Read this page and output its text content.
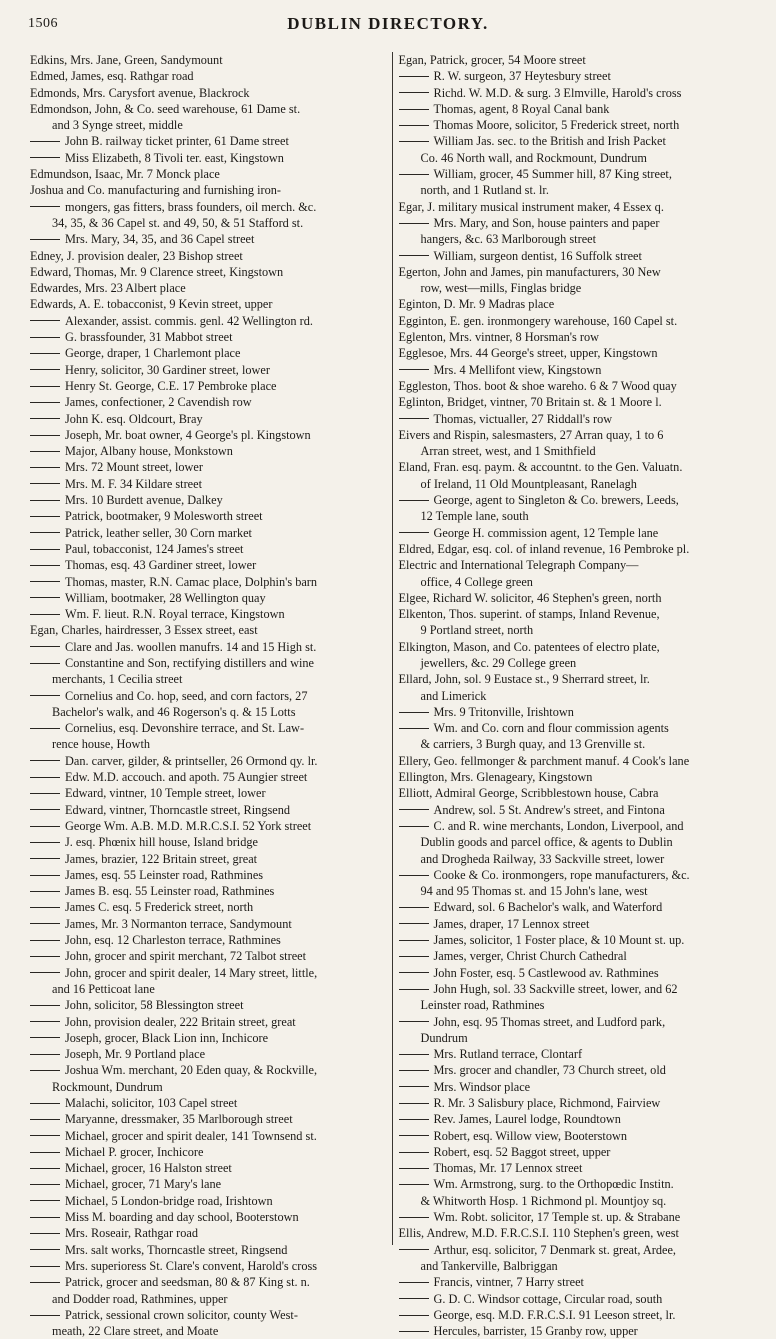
1506	DUBLIN DIRECTORY.
Edkins, Mrs. Jane, Green, Sandymount
Edmed, James, esq. Rathgar road
Edmonds, Mrs. Carysfort avenue, Blackrock
Edmondson, John, & Co. seed warehouse, 61 Dame st.
and 3 Synge street, middle
John B. railway ticket printer, 61 Dame street
Miss Elizabeth, 8 Tivoli ter. east, Kingstown
Edmundson, Isaac, Mr. 7 Monck place
Joshua and Co. manufacturing and furnishing iron-
mongers, gas fitters, brass founders, oil merch. &c.
34, 35, & 36 Capel st. and 49, 50, & 51 Stafford st.
Mrs. Mary, 34, 35, and 36 Capel street
Edney, J. provision dealer, 23 Bishop street
Edward, Thomas, Mr. 9 Clarence street, Kingstown
Edwardes, Mrs. 23 Albert place
Edwards, A. E. tobacconist, 9 Kevin street, upper
Alexander, assist. commis. genl. 42 Wellington rd.
G. brassfounder, 31 Mabbot street
George, draper, 1 Charlemont place
Henry, solicitor, 30 Gardiner street, lower
Henry St. George, C.E. 17 Pembroke place
James, confectioner, 2 Cavendish row
John K. esq. Oldcourt, Bray
Joseph, Mr. boat owner, 4 George's pl. Kingstown
Major, Albany house, Monkstown
Mrs. 72 Mount street, lower
Mrs. M. F. 34 Kildare street
Mrs. 10 Burdett avenue, Dalkey
Patrick, bootmaker, 9 Molesworth street
Patrick, leather seller, 30 Corn market
Paul, tobacconist, 124 James's street
Thomas, esq. 43 Gardiner street, lower
Thomas, master, R.N. Camac place, Dolphin's barn
William, bootmaker, 28 Wellington quay
Wm. F. lieut. R.N. Royal terrace, Kingstown
Egan, Charles, hairdresser, 3 Essex street, east
Clare and Jas. woollen manufrs. 14 and 15 High st.
Constantine and Son, rectifying distillers and wine
merchants, 1 Cecilia street
Cornelius and Co. hop, seed, and corn factors, 27
Bachelor's walk, and 46 Rogerson's q. & 15 Lotts
Cornelius, esq. Devonshire terrace, and St. Law-
rence house, Howth
Dan. carver, gilder, & printseller, 26 Ormond qy. lr.
Edw. M.D. accouch. and apoth. 75 Aungier street
Edward, vintner, 10 Temple street, lower
Edward, vintner, Thorncastle street, Ringsend
George Wm. A.B. M.D. M.R.C.S.I. 52 York street
J. esq. Phœnix hill house, Island bridge
James, brazier, 122 Britain street, great
James, esq. 55 Leinster road, Rathmines
James B. esq. 55 Leinster road, Rathmines
James C. esq. 5 Frederick street, north
James, Mr. 3 Normanton terrace, Sandymount
John, esq. 12 Charleston terrace, Rathmines
John, grocer and spirit merchant, 72 Talbot street
John, grocer and spirit dealer, 14 Mary street, little,
and 16 Petticoat lane
John, solicitor, 58 Blessington street
John, provision dealer, 222 Britain street, great
Joseph, grocer, Black Lion inn, Inchicore
Joseph, Mr. 9 Portland place
Joshua Wm. merchant, 20 Eden quay, & Rockville,
Rockmount, Dundrum
Malachi, solicitor, 103 Capel street
Maryanne, dressmaker, 35 Marlborough street
Michael, grocer and spirit dealer, 141 Townsend st.
Michael P. grocer, Inchicore
Michael, grocer, 16 Halston street
Michael, grocer, 71 Mary's lane
Michael, 5 London-bridge road, Irishtown
Miss M. boarding and day school, Booterstown
Mrs. Roseair, Rathgar road
Mrs. salt works, Thorncastle street, Ringsend
Mrs. superioress St. Clare's convent, Harold's cross
Patrick, grocer and seedsman, 80 & 87 King st. n.
and Dodder road, Rathmines, upper
Patrick, sessional crown solicitor, county West-
meath, 22 Clare street, and Moate
Egan, Patrick, grocer, 54 Moore street
R. W. surgeon, 37 Heytesbury street
Richd. W. M.D. & surg. 3 Elmville, Harold's cross
Thomas, agent, 8 Royal Canal bank
Thomas Moore, solicitor, 5 Frederick street, north
William Jas. sec. to the British and Irish Packet
Co. 46 North wall, and Rockmount, Dundrum
William, grocer, 45 Summer hill, 87 King street,
north, and 1 Rutland st. lr.
Egar, J. military musical instrument maker, 4 Essex q.
Mrs. Mary, and Son, house painters and paper
hangers, &c. 63 Marlborough street
William, surgeon dentist, 16 Suffolk street
Egerton, John and James, pin manufacturers, 30 New
row, west—mills, Finglas bridge
Eginton, D. Mr. 9 Madras place
Egginton, E. gen. ironmongery warehouse, 160 Capel st.
Eglenton, Mrs. vintner, 8 Horsman's row
Egglesoe, Mrs. 44 George's street, upper, Kingstown
Mrs. 4 Mellifont view, Kingstown
Eggleston, Thos. boot & shoe wareho. 6 & 7 Wood quay
Eglinton, Bridget, vintner, 70 Britain st. & 1 Moore l.
Thomas, victualler, 27 Riddall's row
Eivers and Rispin, salesmasters, 27 Arran quay, 1 to 6
Arran street, west, and 1 Smithfield
Eland, Fran. esq. paym. & accountnt. to the Gen. Valuatn.
of Ireland, 11 Old Mountpleasant, Ranelagh
George, agent to Singleton & Co. brewers, Leeds,
12 Temple lane, south
George H. commission agent, 12 Temple lane
Eldred, Edgar, esq. col. of inland revenue, 16 Pembroke pl.
Electric and International Telegraph Company—
office, 4 College green
Elgee, Richard W. solicitor, 46 Stephen's green, north
Elkenton, Thos. superint. of stamps, Inland Revenue,
9 Portland street, north
Elkington, Mason, and Co. patentees of electro plate,
jewellers, &c. 29 College green
Ellard, John, sol. 9 Eustace st., 9 Sherrard street, lr.
and Limerick
Mrs. 9 Tritonville, Irishtown
Wm. and Co. corn and flour commission agents
& carriers, 3 Burgh quay, and 13 Grenville st.
Ellery, Geo. fellmonger & parchment manuf. 4 Cook's lane
Ellington, Mrs. Glenageary, Kingstown
Elliott, Admiral George, Scribblestown house, Cabra
Andrew, sol. 5 St. Andrew's street, and Fintona
C. and R. wine merchants, London, Liverpool, and
Dublin goods and parcel office, & agents to Dublin
and Drogheda Railway, 33 Sackville street, lower
Cooke & Co. ironmongers, rope manufacturers, &c.
94 and 95 Thomas st. and 15 John's lane, west
Edward, sol. 6 Bachelor's walk, and Waterford
James, draper, 17 Lennox street
James, solicitor, 1 Foster place, & 10 Mount st. up.
James, verger, Christ Church Cathedral
John Foster, esq. 5 Castlewood av. Rathmines
John Hugh, sol. 33 Sackville street, lower, and 62
Leinster road, Rathmines
John, esq. 95 Thomas street, and Ludford park,
Dundrum
Mrs. Rutland terrace, Clontarf
Mrs. grocer and chandler, 73 Church street, old
Mrs. Windsor place
R. Mr. 3 Salisbury place, Richmond, Fairview
Rev. James, Laurel lodge, Roundtown
Robert, esq. Willow view, Booterstown
Robert, esq. 52 Baggot street, upper
Thomas, Mr. 17 Lennox street
Wm. Armstrong, surg. to the Orthopœdic Institn.
& Whitworth Hosp. 1 Richmond pl. Mountjoy sq.
Wm. Robt. solicitor, 17 Temple st. up. & Strabane
Ellis, Andrew, M.D. F.R.C.S.I. 110 Stephen's green, west
Arthur, esq. solicitor, 7 Denmark st. great, Ardee,
and Tankerville, Balbriggan
Francis, vintner, 7 Harry street
G. D. C. Windsor cottage, Circular road, south
George, esq. M.D. F.R.C.S.I. 91 Leeson street, lr.
Hercules, barrister, 15 Granby row, upper
